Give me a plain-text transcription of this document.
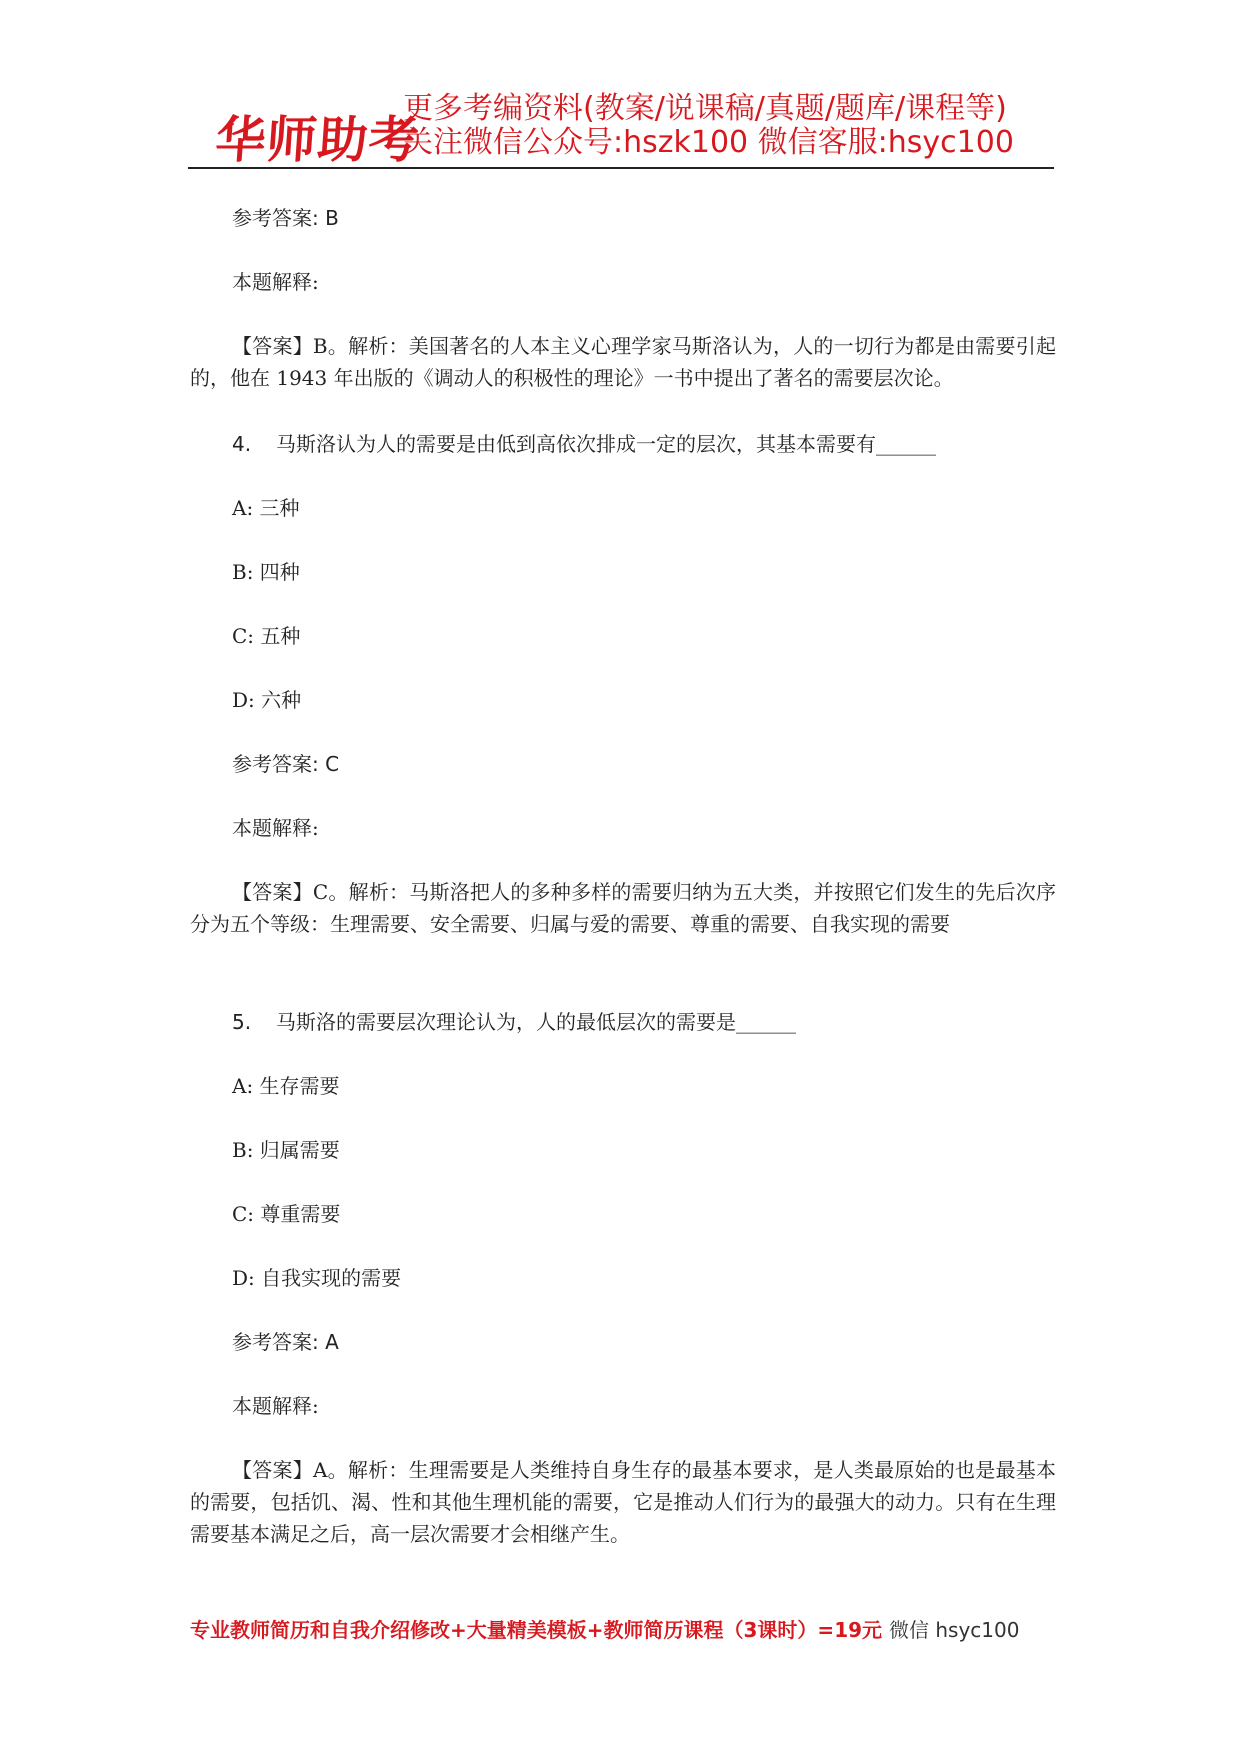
华师助考
更多考编资料(教案/说课稿/真题/题库/课程等)
关注微信公众号:hszk100 微信客服:hsyc100
参考答案: B
本题解释:
【答案】B。解析：美国著名的人本主义心理学家马斯洛认为，人的一切行为都是由需要引起的，他在 1943 年出版的《调动人的积极性的理论》一书中提出了著名的需要层次论。
4. 马斯洛认为人的需要是由低到高依次排成一定的层次，其基本需要有______
A: 三种
B: 四种
C: 五种
D: 六种
参考答案: C
本题解释:
【答案】C。解析：马斯洛把人的多种多样的需要归纳为五大类，并按照它们发生的先后次序分为五个等级：生理需要、安全需要、归属与爱的需要、尊重的需要、自我实现的需要
5. 马斯洛的需要层次理论认为，人的最低层次的需要是______
A: 生存需要
B: 归属需要
C: 尊重需要
D: 自我实现的需要
参考答案: A
本题解释:
【答案】A。解析：生理需要是人类维持自身生存的最基本要求，是人类最原始的也是最基本的需要，包括饥、渴、性和其他生理机能的需要，它是推动人们行为的最强大的动力。只有在生理需要基本满足之后，高一层次需要才会相继产生。
专业教师简历和自我介绍修改+大量精美模板+教师简历课程（3课时）=19元 微信 hsyc100
